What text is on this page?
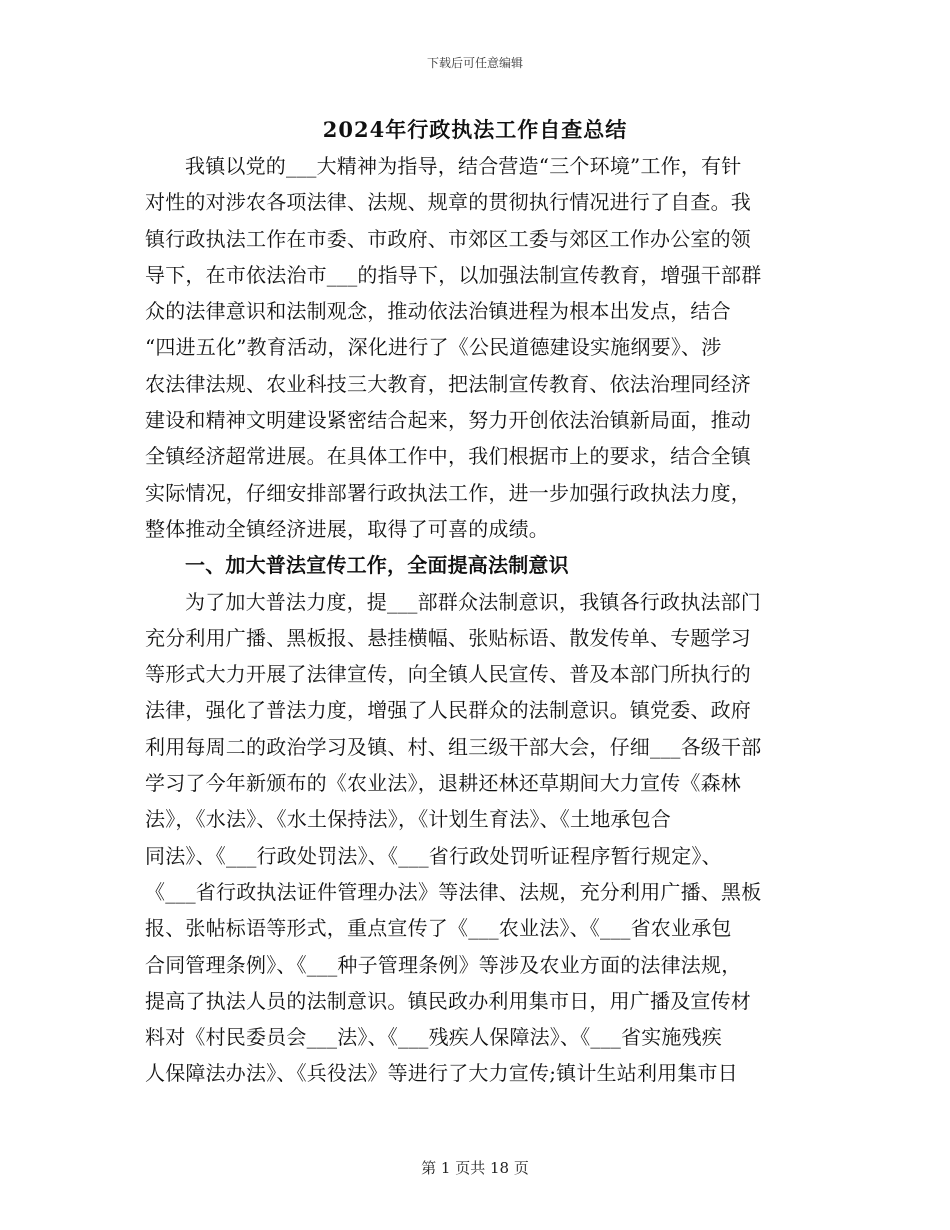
下载后可任意编辑
2024年行政执法工作自查总结
我镇以党的___大精神为指导，结合营造“三个环境”工作，有针
对性的对涉农各项法律、法规、规章的贯彻执行情况进行了自查。我
镇行政执法工作在市委、市政府、市郊区工委与郊区工作办公室的领
导下，在市依法治市___的指导下，以加强法制宣传教育，增强干部群
众的法律意识和法制观念，推动依法治镇进程为根本出发点，结合
“四进五化”教育活动，深化进行了《公民道德建设实施纲要》、涉
农法律法规、农业科技三大教育，把法制宣传教育、依法治理同经济
建设和精神文明建设紧密结合起来，努力开创依法治镇新局面，推动
全镇经济超常进展。在具体工作中，我们根据市上的要求，结合全镇
实际情况，仔细安排部署行政执法工作，进一步加强行政执法力度，
整体推动全镇经济进展，取得了可喜的成绩。
一、加大普法宣传工作，全面提高法制意识
为了加大普法力度，提___部群众法制意识，我镇各行政执法部门
充分利用广播、黑板报、悬挂横幅、张贴标语、散发传单、专题学习
等形式大力开展了法律宣传，向全镇人民宣传、普及本部门所执行的
法律，强化了普法力度，增强了人民群众的法制意识。镇党委、政府
利用每周二的政治学习及镇、村、组三级干部大会，仔细___各级干部
学习了今年新颁布的《农业法》，退耕还林还草期间大力宣传《森林
法》，《水法》、《水土保持法》，《计划生育法》、《土地承包合
同法》、《___行政处罚法》、《___省行政处罚听证程序暂行规定》、
《___省行政执法证件管理办法》等法律、法规，充分利用广播、黑板
报、张帖标语等形式，重点宣传了《___农业法》、《___省农业承包
合同管理条例》、《___种子管理条例》等涉及农业方面的法律法规，
提高了执法人员的法制意识。镇民政办利用集市日，用广播及宣传材
料对《村民委员会___法》、《___残疾人保障法》、《___省实施残疾
人保障法办法》、《兵役法》等进行了大力宣传;镇计生站利用集市日
第 1 页共 18 页
